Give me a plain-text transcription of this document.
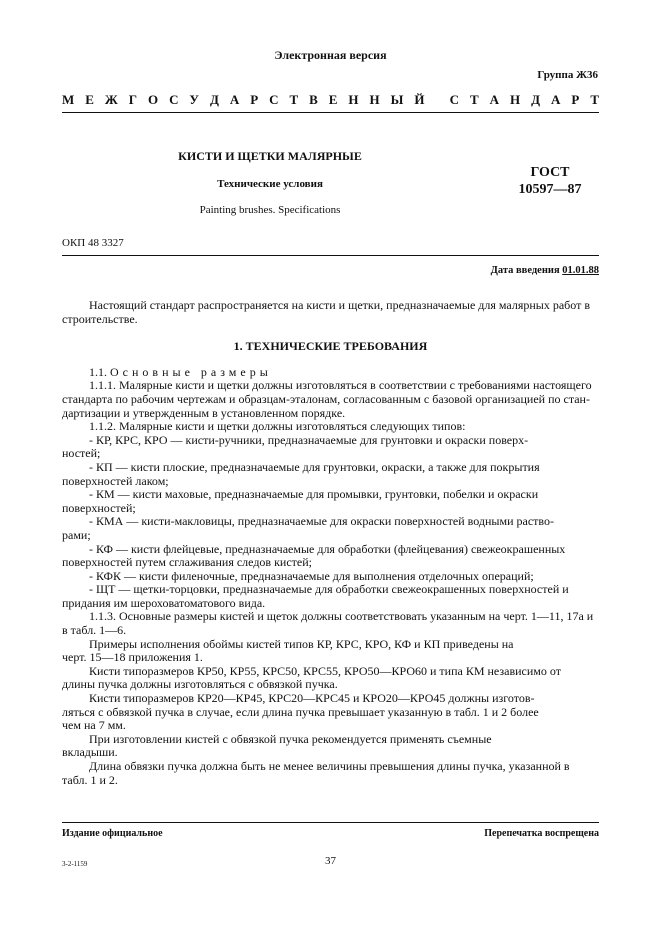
Электронная версия
Группа Ж36
М Е Ж Г О С У Д А Р С Т В Е Н Н Ы Й
С Т А Н Д А Р Т
КИСТИ И ЩЕТКИ МАЛЯРНЫЕ
Технические условия
Painting brushes. Specifications
ГОСТ
10597—87
ОКП 48 3327
Дата введения 01.01.88

Настоящий стандарт распространяется на кисти и щетки, предназначаемые для малярных работ в

строительстве.

1. ТЕХНИЧЕСКИЕ ТРЕБОВАНИЯ

1.1. Основные размеры

1.1.1. Малярные кисти и щетки должны изготовляться в соответствии с требованиями настоящего

стандарта по рабочим чертежам и образцам-эталонам, согласованным с базовой организацией по стан-

дартизации и утвержденным в установленном порядке.

1.1.2. Малярные кисти и щетки должны изготовляться следующих типов:

- КР, КРС, КРО — кисти-ручники, предназначаемые для грунтовки и окраски поверх-

ностей;

- КП — кисти плоские, предназначаемые для грунтовки, окраски, а также для покрытия

поверхностей лаком;

- КМ — кисти маховые, предназначаемые для промывки, грунтовки, побелки и окраски

поверхностей;

- КМА — кисти-макловицы, предназначаемые для окраски поверхностей водными раство-

рами;

- КФ — кисти флейцевые, предназначаемые для обработки (флейцевания) свежеокрашенных

поверхностей путем сглаживания следов кистей;

- КФК — кисти филеночные, предназначаемые для выполнения отделочных операций;

- ЩТ — щетки-торцовки, предназначаемые для обработки свежеокрашенных поверхностей и

придания им шероховатоматового вида.

1.1.3. Основные размеры кистей и щеток должны соответствовать указанным на черт. 1—11, 17а и

в табл. 1—6.

Примеры исполнения обоймы кистей типов КР, КРС, КРО, КФ и КП приведены на

черт. 15—18 приложения 1.

Кисти типоразмеров КР50, КР55, КРС50, КРС55, КРО50—КРО60 и типа КМ независимо от

длины пучка должны изготовляться с обвязкой пучка.

Кисти типоразмеров КР20—КР45, КРС20—КРС45 и КРО20—КРО45 должны изготов-

ляться с обвязкой пучка в случае, если длина пучка превышает указанную в табл. 1 и 2 более

чем на 7 мм.

При изготовлении кистей с обвязкой пучка рекомендуется применять съемные

вкладыши.

Длина обвязки пучка должна быть не менее величины превышения длины пучка, указанной в

табл. 1 и 2.

Издание официальное	Перепечатка воспрещена
37
3-2-1159
